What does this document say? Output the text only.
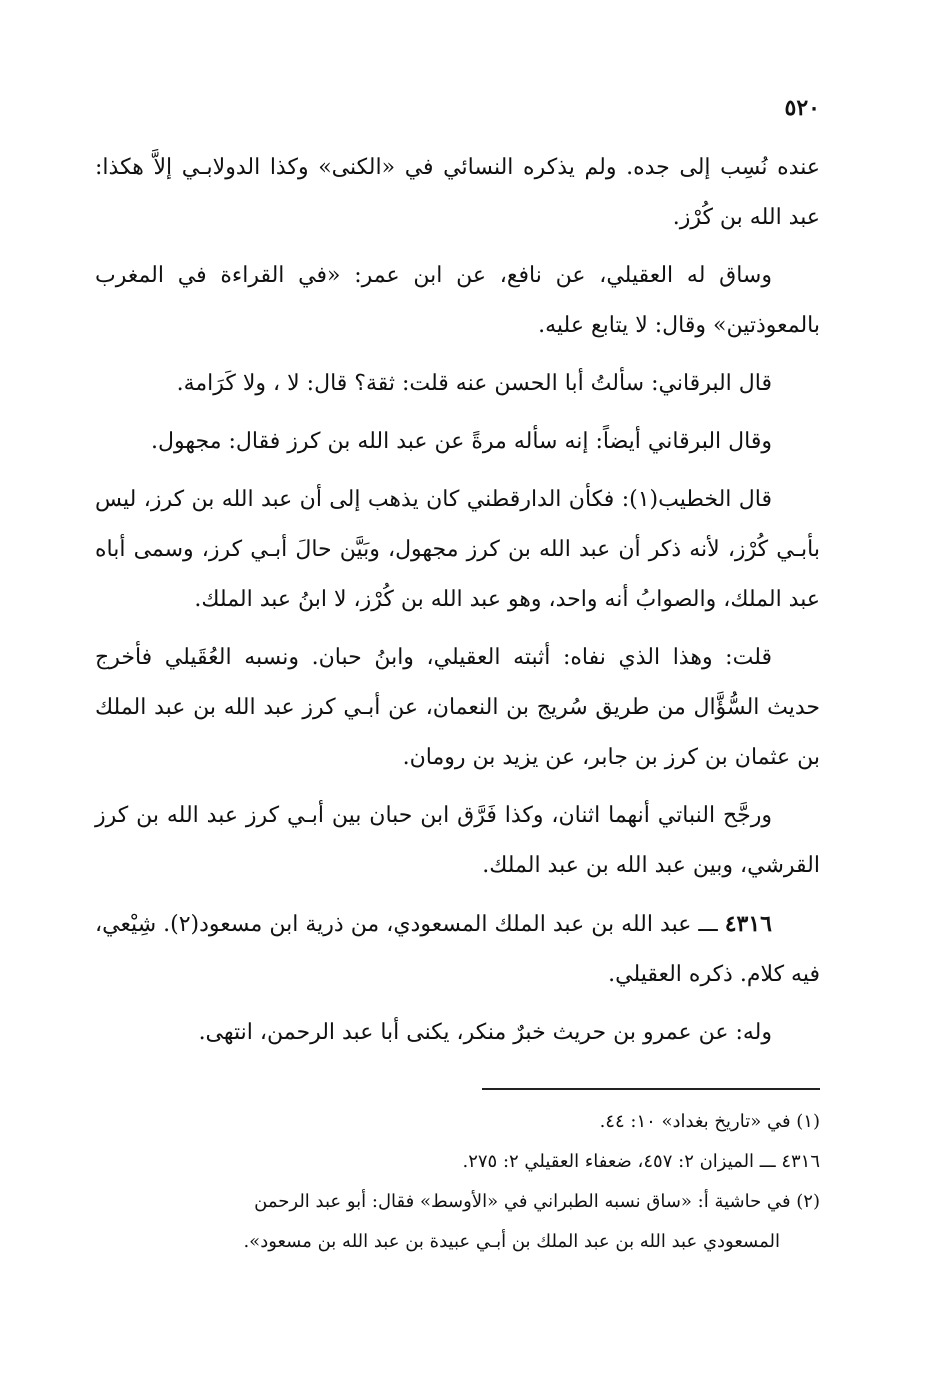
٥٢٠

عنده نُسِب إلى جده. ولم يذكره النسائي في «الكنى» وكذا الدولابـي إلاَّ هكذا: عبد الله بن كُرْز.

وساق له العقيلي، عن نافع، عن ابن عمر: «في القراءة في المغرب بالمعوذتين» وقال: لا يتابع عليه.

قال البرقاني: سألتُ أبا الحسن عنه قلت: ثقة؟ قال: لا ، ولا كَرَامة.

وقال البرقاني أيضاً: إنه سأله مرةً عن عبد الله بن كرز فقال: مجهول.

قال الخطيب(١): فكأن الدارقطني كان يذهب إلى أن عبد الله بن كرز، ليس بأبـي كُرْز، لأنه ذكر أن عبد الله بن كرز مجهول، وبَيَّن حالَ أبـي كرز، وسمى أباه عبد الملك، والصوابُ أنه واحد، وهو عبد الله بن كُرْز، لا ابنُ عبد الملك.

قلت: وهذا الذي نفاه: أثبته العقيلي، وابنُ حبان. ونسبه العُقَيلي فأخرج حديث السُّؤَّال من طريق سُريج بن النعمان، عن أبـي كرز عبد الله بن عبد الملك بن عثمان بن كرز بن جابر، عن يزيد بن رومان.

ورجَّح النباتي أنهما اثنان، وكذا فَرَّق ابن حبان بين أبـي كرز عبد الله بن كرز القرشي، وبين عبد الله بن عبد الملك.

٤٣١٦ ـــ عبد الله بن عبد الملك المسعودي، من ذرية ابن مسعود(٢). شِيْعي، فيه كلام. ذكره العقيلي.

وله: عن عمرو بن حريث خبرٌ منكر، يكنى أبا عبد الرحمن، انتهى.

(١) في «تاريخ بغداد» ١٠: ٤٤.

٤٣١٦ ـــ الميزان ٢: ٤٥٧، ضعفاء العقيلي ٢: ٢٧٥.

(٢) في حاشية أ: «ساق نسبه الطبراني في «الأوسط» فقال: أبو عبد الرحمن

المسعودي عبد الله بن عبد الملك بن أبـي عبيدة بن عبد الله بن مسعود».
